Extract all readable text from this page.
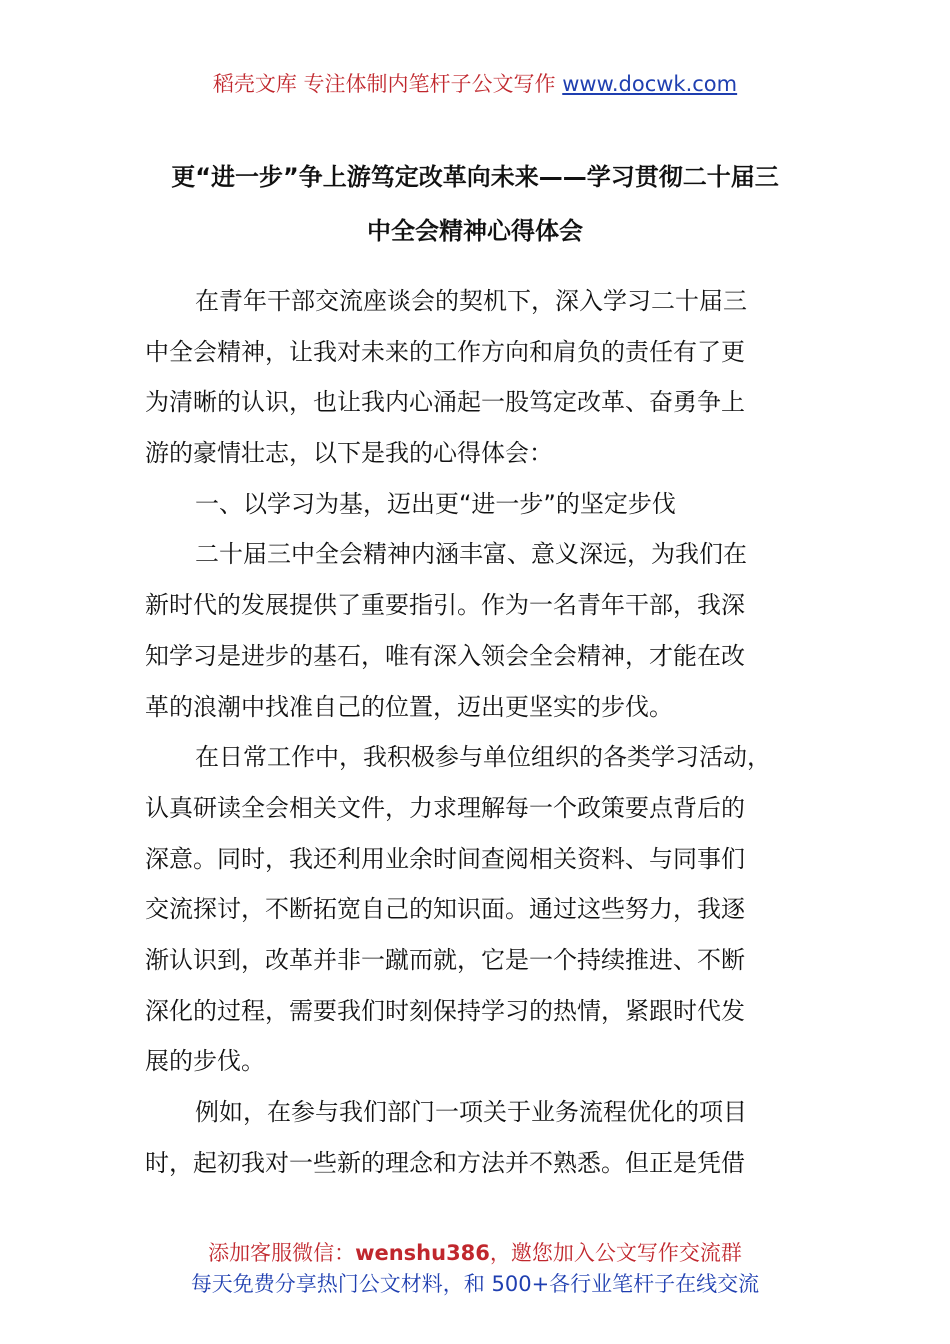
稻壳文库 专注体制内笔杆子公文写作 www.docwk.com
更“进一步”争上游笃定改革向未来——学习贯彻二十届三
中全会精神心得体会
在青年干部交流座谈会的契机下，深入学习二十届三
中全会精神，让我对未来的工作方向和肩负的责任有了更
为清晰的认识，也让我内心涌起一股笃定改革、奋勇争上
游的豪情壮志，以下是我的心得体会：
一、以学习为基，迈出更“进一步”的坚定步伐
二十届三中全会精神内涵丰富、意义深远，为我们在
新时代的发展提供了重要指引。作为一名青年干部，我深
知学习是进步的基石，唯有深入领会全会精神，才能在改
革的浪潮中找准自己的位置，迈出更坚实的步伐。
在日常工作中，我积极参与单位组织的各类学习活动，
认真研读全会相关文件，力求理解每一个政策要点背后的
深意。同时，我还利用业余时间查阅相关资料、与同事们
交流探讨，不断拓宽自己的知识面。通过这些努力，我逐
渐认识到，改革并非一蹴而就，它是一个持续推进、不断
深化的过程，需要我们时刻保持学习的热情，紧跟时代发
展的步伐。
例如，在参与我们部门一项关于业务流程优化的项目
时，起初我对一些新的理念和方法并不熟悉。但正是凭借
添加客服微信：wenshu386，邀您加入公文写作交流群
每天免费分享热门公文材料，和 500+各行业笔杆子在线交流
